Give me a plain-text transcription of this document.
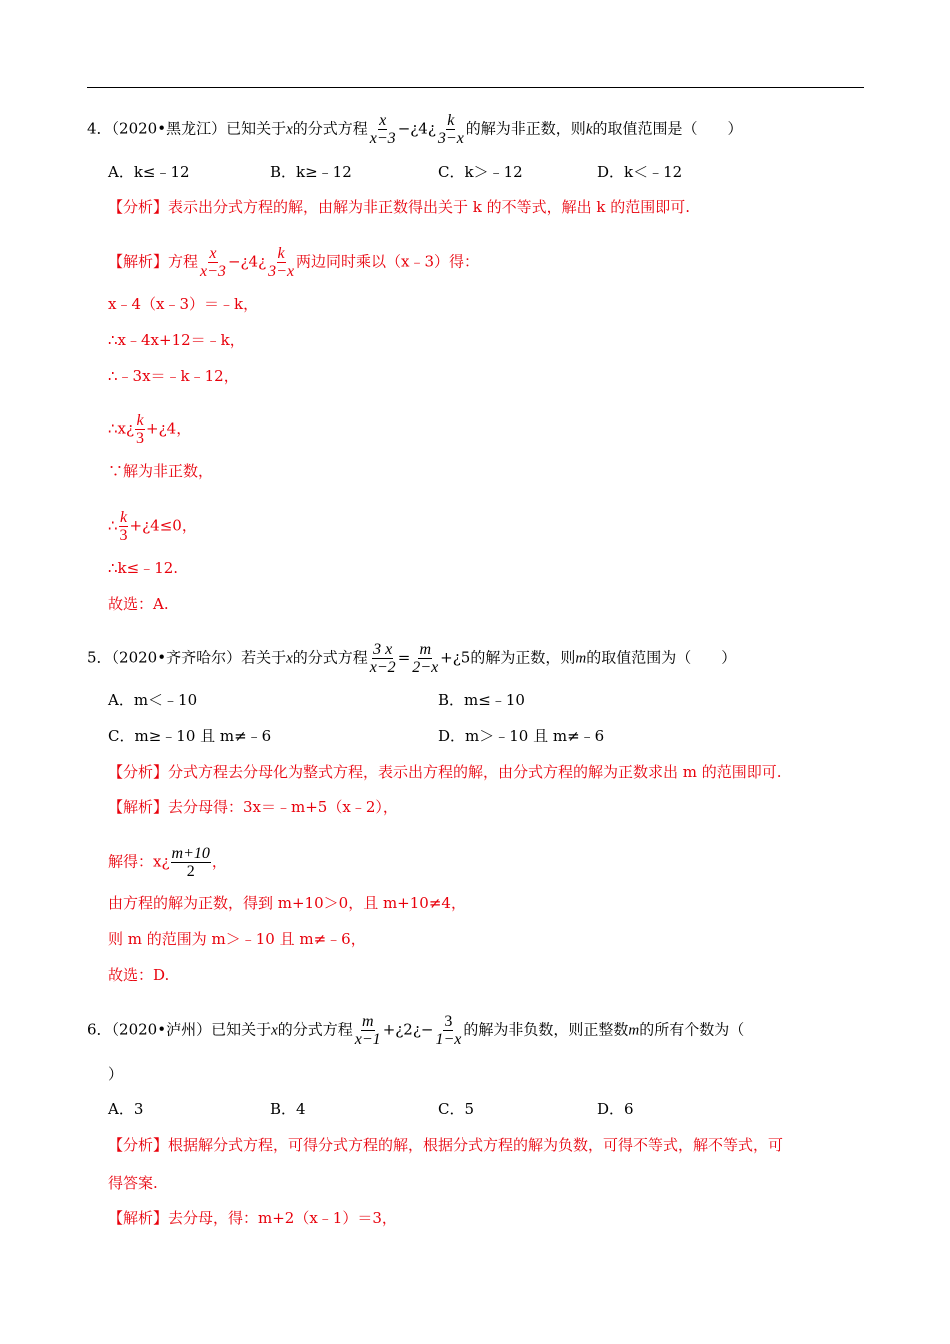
4．（2020•黑龙江）已知关于x的分式方程 $\frac{x}{x-3}$ −¿4¿ $\frac{k}{3-x}$ 的解为非正数，则k的取值范围是（　　）
A．k≤﹣12	B．k≥﹣12	C．k＞﹣12	D．k＜﹣12
【分析】表示出分式方程的解，由解为非正数得出关于 k 的不等式，解出 k 的范围即可.
【解析】方程 $\frac{x}{x-3}$ −¿4¿ $\frac{k}{3-x}$ 两边同时乘以（x﹣3）得：
x﹣4（x﹣3）＝﹣k，
∴x﹣4x+12＝﹣k，
∴﹣3x＝﹣k﹣12，
∴x¿ $\frac{k}{3}$ +¿4，
∵解为非正数，
∴ $\frac{k}{3}$ +¿4≤0，
∴k≤﹣12.
故选：A.
5．（2020•齐齐哈尔）若关于x的分式方程 $\frac{3 x}{x-2} = \frac{m}{2-x}$ +¿5的解为正数，则m的取值范围为（　　）
A．m＜﹣10	B．m≤﹣10
C．m≥﹣10 且 m≠﹣6	D．m＞﹣10 且 m≠﹣6
【分析】分式方程去分母化为整式方程，表示出方程的解，由分式方程的解为正数求出 m 的范围即可.
【解析】去分母得：3x＝﹣m+5（x﹣2），
解得：x¿ $\frac{m+10}{2}$ ，
由方程的解为正数，得到 m+10＞0，且 m+10≠4，
则 m 的范围为 m＞﹣10 且 m≠﹣6，
故选：D.
6．（2020•泸州）已知关于x的分式方程 $\frac{m}{x-1}$ +¿2¿− $\frac{3}{1-x}$ 的解为非负数，则正整数m的所有个数为（
）
A．3	B．4	C．5	D．6
【分析】根据解分式方程，可得分式方程的解，根据分式方程的解为负数，可得不等式，解不等式，可
得答案.
【解析】去分母，得：m+2（x﹣1）＝3，
